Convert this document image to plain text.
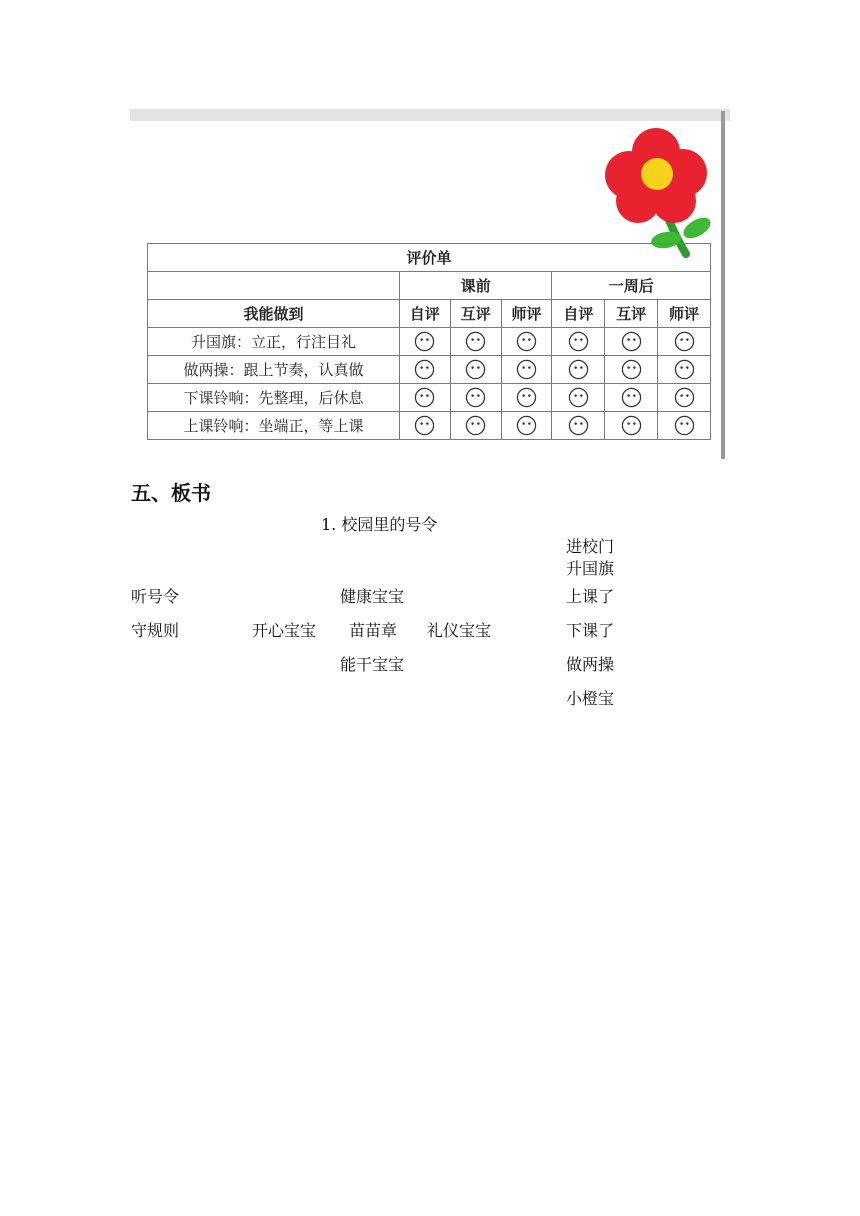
评价单						
	课前			一周后		
我能做到	自评	互评	师评	自评	互评	师评
升国旗：立正，行注目礼						
做两操：跟上节奏，认真做						
下课铃响：先整理，后休息						
上课铃响：坐端正，等上课						
五、板书
1. 校园里的号令
进校门
升国旗
听号令	健康宝宝	上课了
守规则	开心宝宝 苗苗章 礼仪宝宝	下课了
能干宝宝	做两操
小橙宝
